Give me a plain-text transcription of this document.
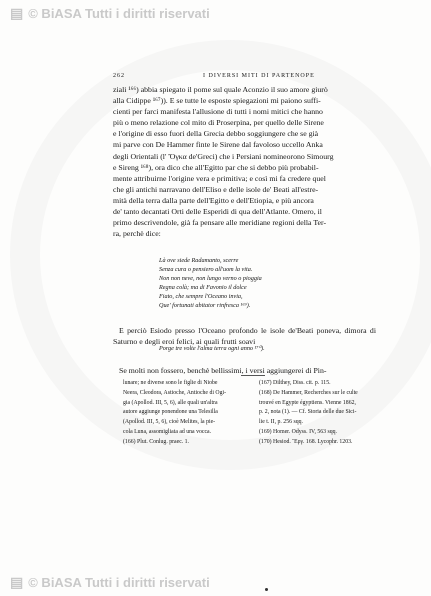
▤ © BiASA Tutti i diritti riservati
262	I DIVERSI MITI DI PARTENOPE

ziali ¹⁶⁶) abbia spiegato il pome sul quale Aconzio il suo amore giurò

alla Cidippe ¹⁶⁷)). E se tutte le esposte spiegazioni mi paiono suffi-

cienti per farci manifesta l'allusione di tutti i nomi mitici che hanno

più o meno relazione col mito di Proserpina, per quello delle Sirene

e l'origine di esso fuori della Grecia debbo soggiungere che se già

mi parve con De Hammer finte le Sirene dal favoloso uccello Anka

degli Orientali (l' Ὄγκα de'Greci) che i Persiani nomineorono Simourg

e Sireng ¹⁶⁸), ora dico che all'Egitto par che si debbo più probabil-

mente attribuirne l'origine vera e primitiva; e così mi fa credere quel

che gli antichi narravano dell'Eliso e delle isole de' Beati all'estre-

mità della terra dalla parte dell'Egitto e dell'Etiopia, e più ancora

de' tanto decantati Orti delle Esperidi di qua dell'Atlante. Omero, il

primo descrivendole, già fa pensare alle meridiane regioni della Ter-

ra, perchè dice:

Là ove siede Radamanto, scerre
Senza cura o pensiero all'uom la vita.
Non non neve, non lungo verno o pioggia
Regna colà; ma di Favonio il dolce
Fiato, che sempre l'Oceano invia,
Que' fortunati abitator rinfresca ¹⁶⁹).

E perciò Esiodo presso l'Oceano profondo le isole de'Beati poneva, dimora di Saturno e degli eroi felici, ai quali frutti soavi

Porge tre volte l'alma terra ogni anno ¹⁷⁰).

Se molti non fossero, benchè bellissimi, i versi aggiungerei di Pin-

lunare; ne diverse sono le figlie di Niobe
Neera, Cleodora, Astioche, Antioche di Ogi-
gia (Apollod. III, 5, 6), alle quali un'altra
autore aggiunge ponendone una Telesilla
(Apollod. III, 5, 6), cioè Melites, la pie-
cola Luna, assomigliata ad una vocca.
(166) Plut. Conlug. praec. 1.
(167) Dilthey, Diss. cit. p. 115.
(168) De Hammer, Recherches sur le culte
trouvé en Egypte égyptiens. Vienne 1862,
p. 2, nota (1). — Cf. Storia delle due Sici-
lie t. II, p. 256 sqq.
(169) Homer. Odyss. IV, 563 sqq.
(170) Hesiod. Ἔργ. 168. Lycophr. 1203.
▤ © BiASA Tutti i diritti riservati
